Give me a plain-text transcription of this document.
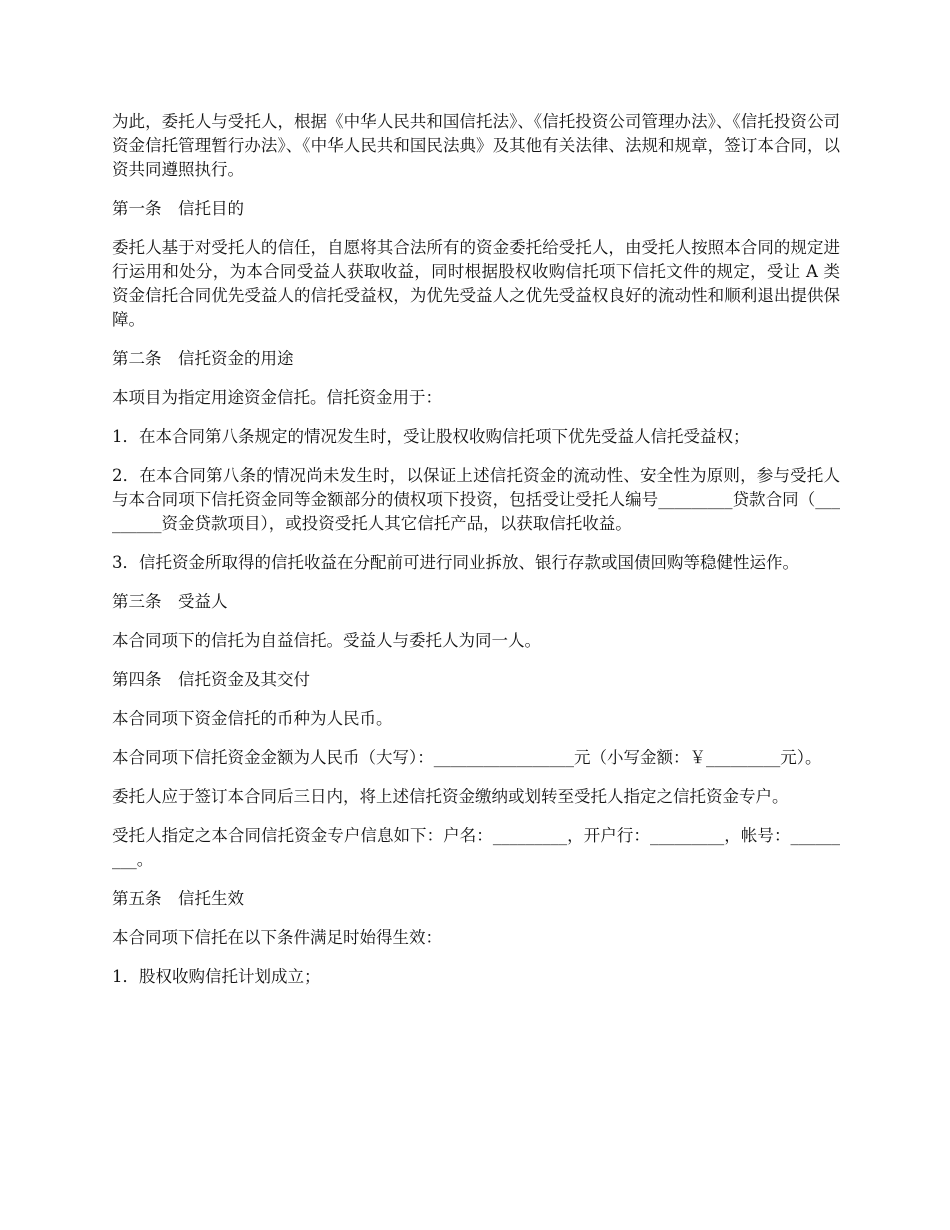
为此，委托人与受托人，根据《中华人民共和国信托法》、《信托投资公司管理办法》、《信托投资公司资金信托管理暂行办法》、《中华人民共和国民法典》及其他有关法律、法规和规章，签订本合同，以资共同遵照执行。

第一条　信托目的

委托人基于对受托人的信任，自愿将其合法所有的资金委托给受托人，由受托人按照本合同的规定进行运用和处分，为本合同受益人获取收益，同时根据股权收购信托项下信托文件的规定，受让 A 类资金信托合同优先受益人的信托受益权，为优先受益人之优先受益权良好的流动性和顺利退出提供保障。

第二条　信托资金的用途

本项目为指定用途资金信托。信托资金用于：

1．在本合同第八条规定的情况发生时，受让股权收购信托项下优先受益人信托受益权；

2．在本合同第八条的情况尚未发生时，以保证上述信托资金的流动性、安全性为原则，参与受托人与本合同项下信托资金同等金额部分的债权项下投资，包括受让受托人编号_________贷款合同（_________资金贷款项目），或投资受托人其它信托产品，以获取信托收益。

3．信托资金所取得的信托收益在分配前可进行同业拆放、银行存款或国债回购等稳健性运作。

第三条　受益人

本合同项下的信托为自益信托。受益人与委托人为同一人。

第四条　信托资金及其交付

本合同项下资金信托的币种为人民币。

本合同项下信托资金金额为人民币（大写）：_________________元（小写金额：￥_________元）。

委托人应于签订本合同后三日内，将上述信托资金缴纳或划转至受托人指定之信托资金专户。

受托人指定之本合同信托资金专户信息如下：户名：_________，开户行：_________，帐号：_________。

第五条　信托生效

本合同项下信托在以下条件满足时始得生效：

1．股权收购信托计划成立；
